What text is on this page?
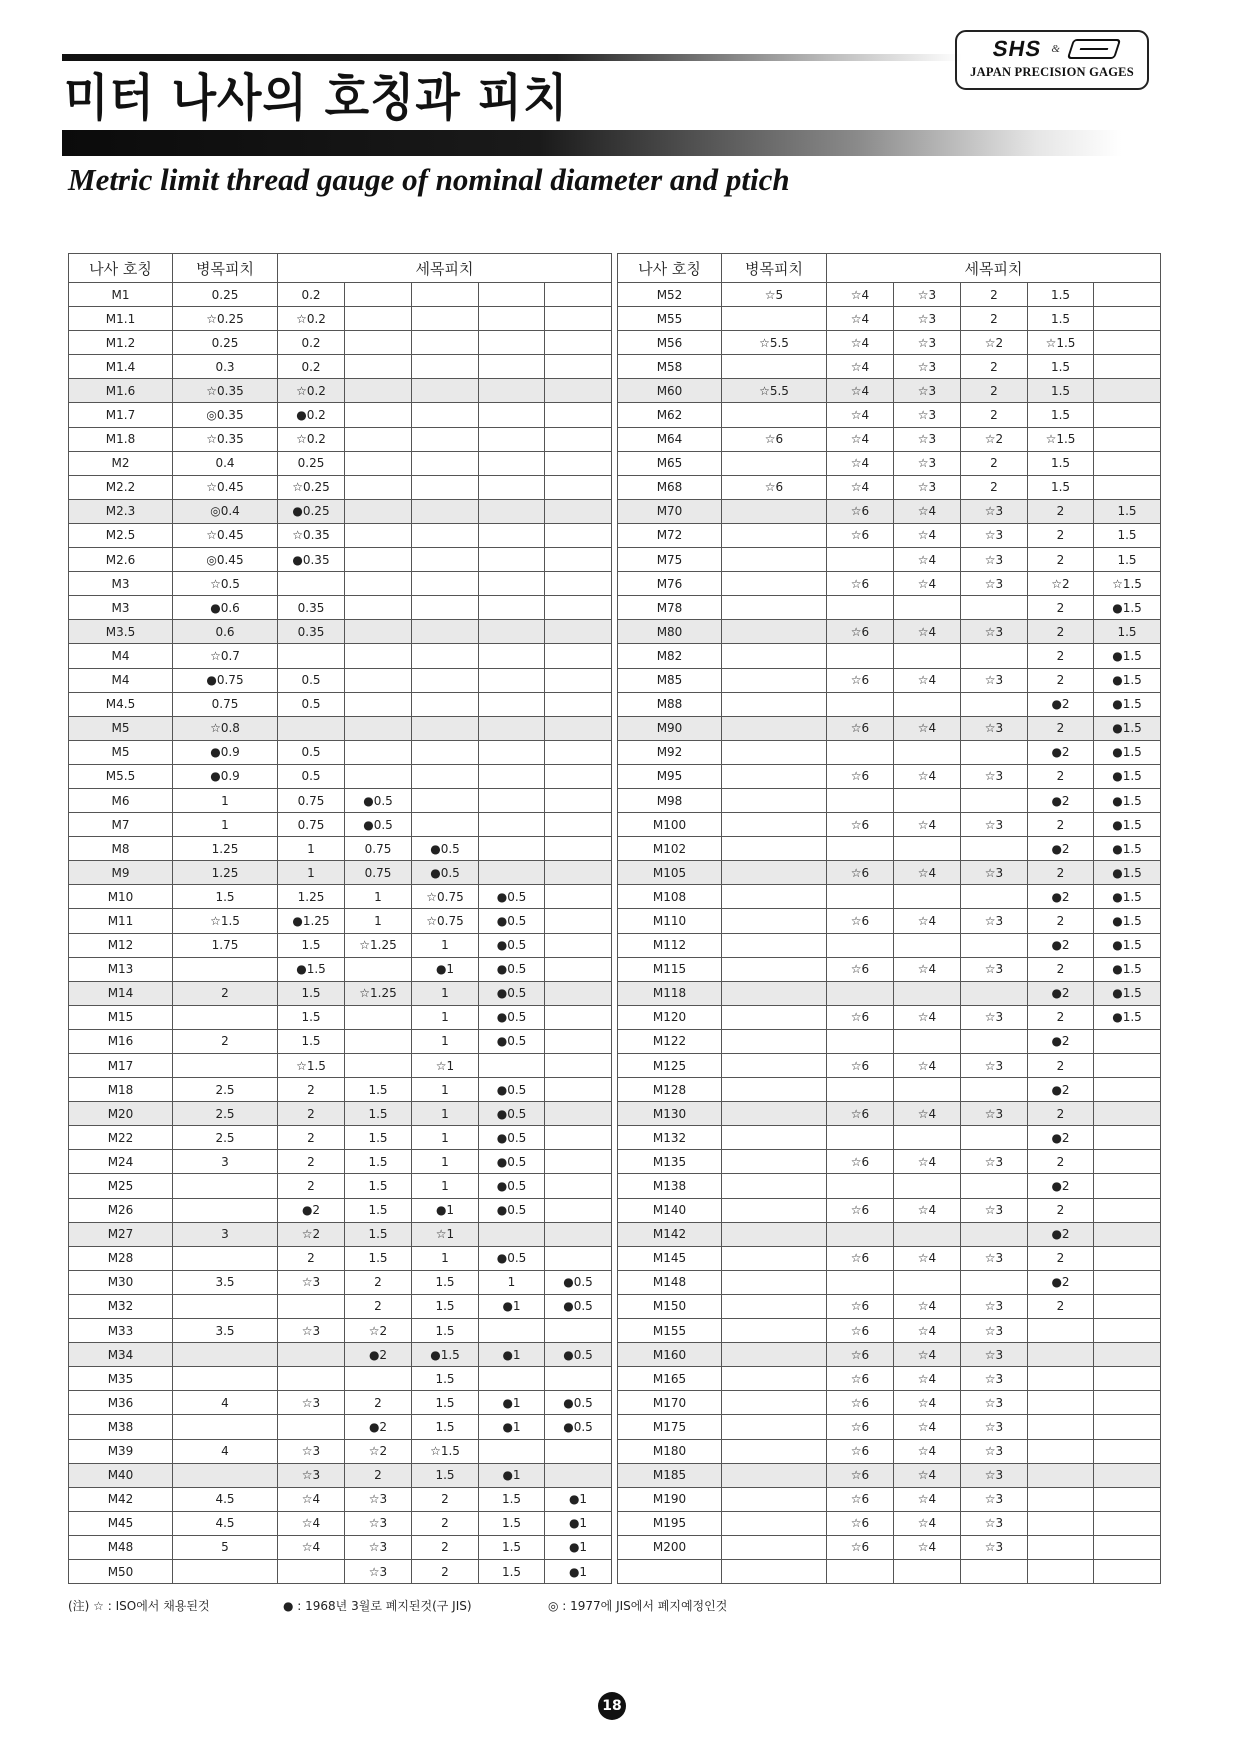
미터 나사의 호칭과 피치
Metric limit thread gauge of nominal diameter and ptich
SHS &
JAPAN PRECISION GAGES
나사 호칭	병목피치	세목피치				
M1	0.25	0.2				
M1.1	☆0.25	☆0.2				
M1.2	0.25	0.2				
M1.4	0.3	0.2				
M1.6	☆0.35	☆0.2				
M1.7	◎0.35	●0.2				
M1.8	☆0.35	☆0.2				
M2	0.4	0.25				
M2.2	☆0.45	☆0.25				
M2.3	◎0.4	●0.25				
M2.5	☆0.45	☆0.35				
M2.6	◎0.45	●0.35				
M3	☆0.5					
M3	●0.6	0.35				
M3.5	0.6	0.35				
M4	☆0.7					
M4	●0.75	0.5				
M4.5	0.75	0.5				
M5	☆0.8					
M5	●0.9	0.5				
M5.5	●0.9	0.5				
M6	1	0.75	●0.5			
M7	1	0.75	●0.5			
M8	1.25	1	0.75	●0.5		
M9	1.25	1	0.75	●0.5		
M10	1.5	1.25	1	☆0.75	●0.5	
M11	☆1.5	●1.25	1	☆0.75	●0.5	
M12	1.75	1.5	☆1.25	1	●0.5	
M13		●1.5		●1	●0.5	
M14	2	1.5	☆1.25	1	●0.5	
M15		1.5		1	●0.5	
M16	2	1.5		1	●0.5	
M17		☆1.5		☆1		
M18	2.5	2	1.5	1	●0.5	
M20	2.5	2	1.5	1	●0.5	
M22	2.5	2	1.5	1	●0.5	
M24	3	2	1.5	1	●0.5	
M25		2	1.5	1	●0.5	
M26		●2	1.5	●1	●0.5	
M27	3	☆2	1.5	☆1		
M28		2	1.5	1	●0.5	
M30	3.5	☆3	2	1.5	1	●0.5
M32			2	1.5	●1	●0.5
M33	3.5	☆3	☆2	1.5		
M34			●2	●1.5	●1	●0.5
M35				1.5		
M36	4	☆3	2	1.5	●1	●0.5
M38			●2	1.5	●1	●0.5
M39	4	☆3	☆2	☆1.5		
M40		☆3	2	1.5	●1	
M42	4.5	☆4	☆3	2	1.5	●1
M45	4.5	☆4	☆3	2	1.5	●1
M48	5	☆4	☆3	2	1.5	●1
M50			☆3	2	1.5	●1
나사 호칭	병목피치	세목피치				
M52	☆5	☆4	☆3	2	1.5	
M55		☆4	☆3	2	1.5	
M56	☆5.5	☆4	☆3	☆2	☆1.5	
M58		☆4	☆3	2	1.5	
M60	☆5.5	☆4	☆3	2	1.5	
M62		☆4	☆3	2	1.5	
M64	☆6	☆4	☆3	☆2	☆1.5	
M65		☆4	☆3	2	1.5	
M68	☆6	☆4	☆3	2	1.5	
M70		☆6	☆4	☆3	2	1.5
M72		☆6	☆4	☆3	2	1.5
M75			☆4	☆3	2	1.5
M76		☆6	☆4	☆3	☆2	☆1.5
M78					2	●1.5
M80		☆6	☆4	☆3	2	1.5
M82					2	●1.5
M85		☆6	☆4	☆3	2	●1.5
M88					●2	●1.5
M90		☆6	☆4	☆3	2	●1.5
M92					●2	●1.5
M95		☆6	☆4	☆3	2	●1.5
M98					●2	●1.5
M100		☆6	☆4	☆3	2	●1.5
M102					●2	●1.5
M105		☆6	☆4	☆3	2	●1.5
M108					●2	●1.5
M110		☆6	☆4	☆3	2	●1.5
M112					●2	●1.5
M115		☆6	☆4	☆3	2	●1.5
M118					●2	●1.5
M120		☆6	☆4	☆3	2	●1.5
M122					●2	
M125		☆6	☆4	☆3	2	
M128					●2	
M130		☆6	☆4	☆3	2	
M132					●2	
M135		☆6	☆4	☆3	2	
M138					●2	
M140		☆6	☆4	☆3	2	
M142					●2	
M145		☆6	☆4	☆3	2	
M148					●2	
M150		☆6	☆4	☆3	2	
M155		☆6	☆4	☆3		
M160		☆6	☆4	☆3		
M165		☆6	☆4	☆3		
M170		☆6	☆4	☆3		
M175		☆6	☆4	☆3		
M180		☆6	☆4	☆3		
M185		☆6	☆4	☆3		
M190		☆6	☆4	☆3		
M195		☆6	☆4	☆3		
M200		☆6	☆4	☆3		

(注) ☆ : ISO에서 채용된것	● : 1968년 3월로 폐지된것(구 JIS)	◎ : 1977에 JIS에서 폐지예정인것
18
